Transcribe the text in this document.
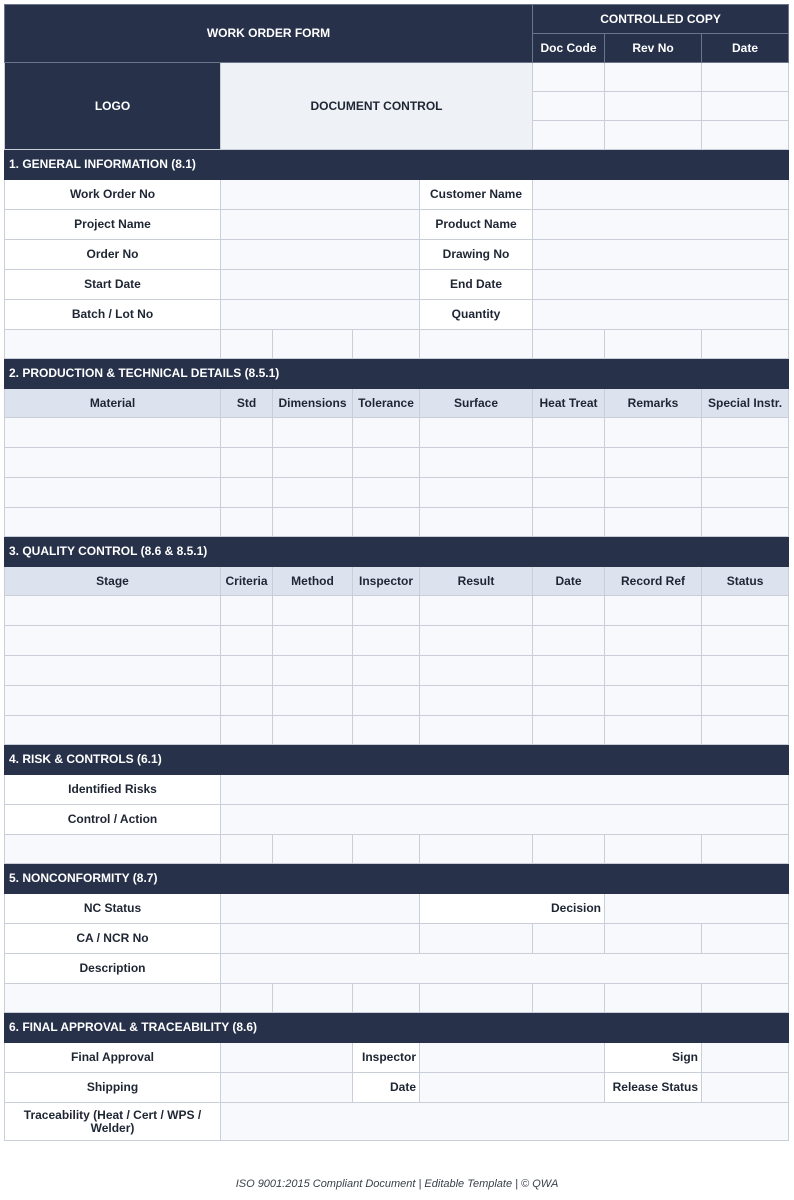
WORK ORDER FORM					CONTROLLED COPY		
					Doc Code	Rev No	Date
LOGO	DOCUMENT CONTROL						

1. GENERAL INFORMATION (8.1)							
Work Order No				Customer Name			
Project Name				Product Name			
Order No				Drawing No			
Start Date				End Date			
Batch / Lot No				Quantity			

2. PRODUCTION & TECHNICAL DETAILS (8.5.1)							
Material	Std	Dimensions	Tolerance	Surface	Heat Treat	Remarks	Special Instr.

3. QUALITY CONTROL (8.6 & 8.5.1)							
Stage	Criteria	Method	Inspector	Result	Date	Record Ref	Status

4. RISK & CONTROLS (6.1)							
Identified Risks							
Control / Action							

5. NONCONFORMITY (8.7)							
NC Status				Decision			
CA / NCR No							
Description							

6. FINAL APPROVAL & TRACEABILITY (8.6)							
Final Approval			Inspector			Sign	
Shipping			Date			Release Status	
Traceability (Heat / Cert / WPS / Welder)							
ISO 9001:2015 Compliant Document | Editable Template | © QWA
